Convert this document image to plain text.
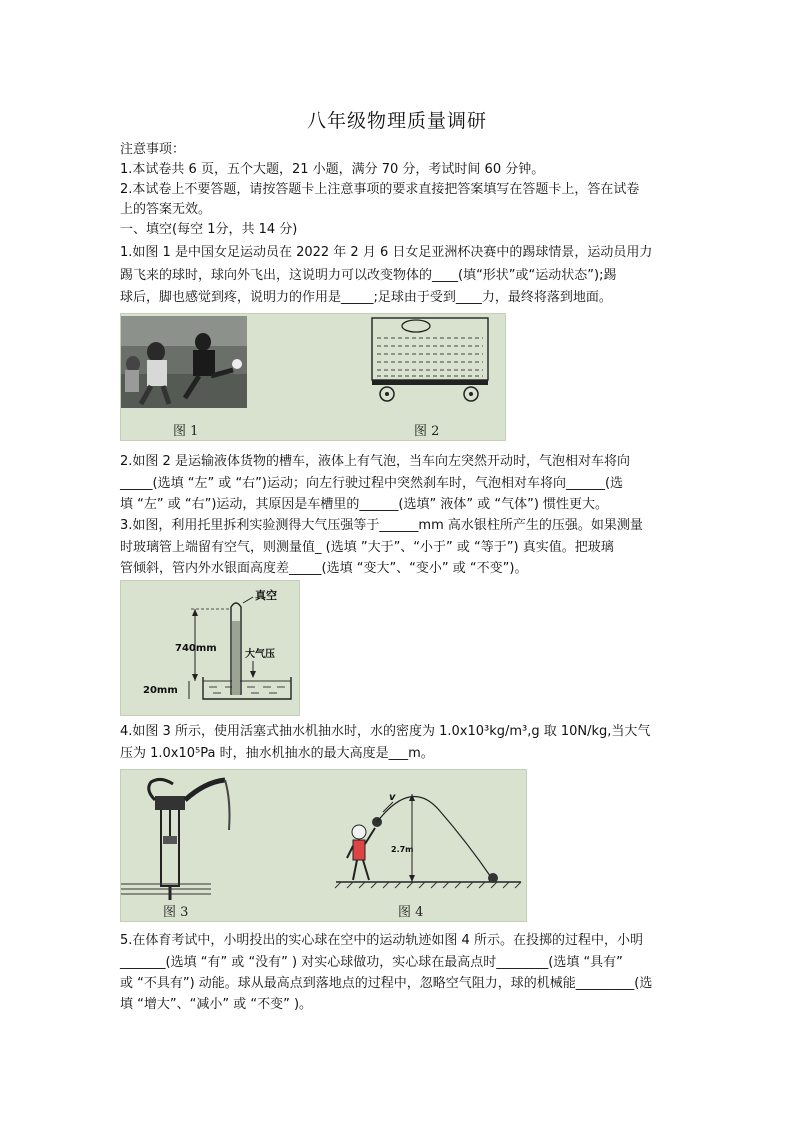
八年级物理质量调研
注意事项：
1.本试卷共 6 页，五个大题，21 小题，满分 70 分，考试时间 60 分钟。
2.本试卷上不要答题，请按答题卡上注意事项的要求直接把答案填写在答题卡上，答在试卷
上的答案无效。
一、填空(每空 1分，共 14 分)
1.如图 1 是中国女足运动员在 2022 年 2 月 6 日女足亚洲杯决赛中的踢球情景，运动员用力
踢飞来的球时，球向外飞出，这说明力可以改变物体的____(填“形状”或“运动状态”);踢
球后，脚也感觉到疼，说明力的作用是_____;足球由于受到____力，最终将落到地面。
图 1	图 2
2.如图 2 是运输液体货物的槽车，液体上有气泡，当车向左突然开动时，气泡相对车将向
_____(选填 “左” 或 “右”)运动；向左行驶过程中突然刹车时，气泡相对车将向______(选
填 “左” 或 “右”)运动，其原因是车槽里的______(选填” 液体” 或 “气体”) 惯性更大。
3.如图，利用托里拆利实验测得大气压强等于______mm 高水银柱所产生的压强。如果测量
时玻璃管上端留有空气，则测量值_ (选填 ”大于”、“小于” 或 “等于”) 真实值。把玻璃
管倾斜，管内外水银面高度差_____(选填 “变大”、“变小” 或 “不变”)。
真空
740mm
大气压
20mm
4.如图 3 所示，使用活塞式抽水机抽水时，水的密度为 1.0x10³kg/m³,g 取 10N/kg,当大气
压为 1.0x10⁵Pa 时，抽水机抽水的最大高度是___m。
v
2.7m
图 3	图 4
5.在体育考试中，小明投出的实心球在空中的运动轨迹如图 4 所示。在投掷的过程中，小明
_______(选填 “有” 或 “没有” ) 对实心球做功，实心球在最高点时________(选填 “具有”
或 “不具有”) 动能。球从最高点到落地点的过程中，忽略空气阻力，球的机械能_________(选
填 “增大”、“减小” 或 “不变” )。
